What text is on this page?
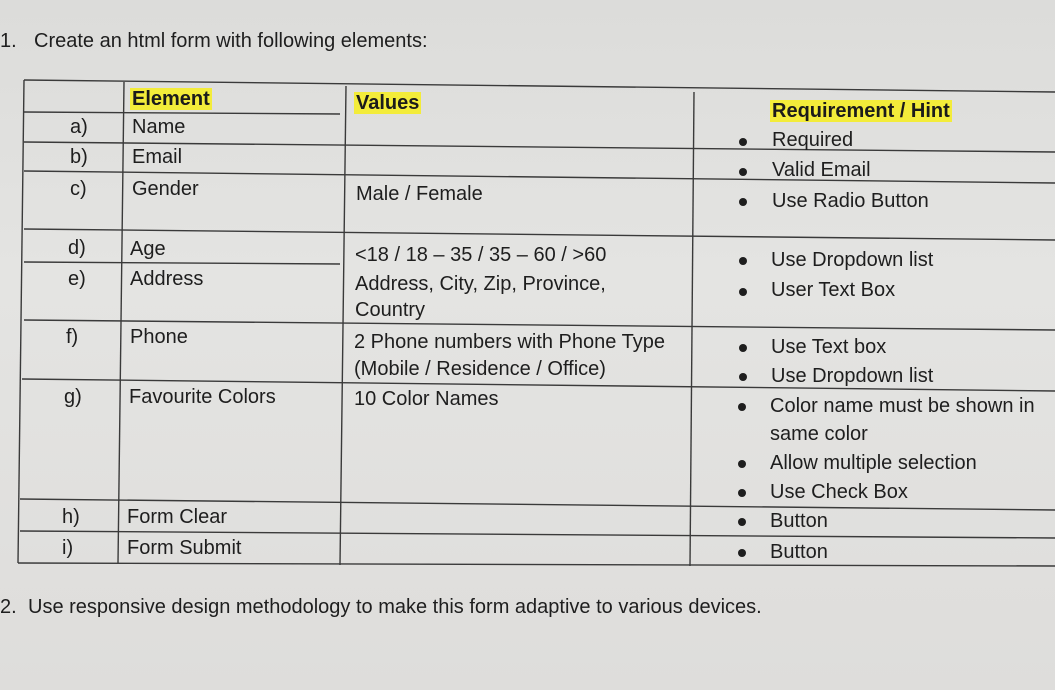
1. Create an html form with following elements:
Element	Values	Requirement / Hint
a)
b)
c)
d)
e)
f)
g)
h)
i)
Name
Email
Gender
Age
Address
Phone
Favourite Colors
Form Clear
Form Submit
Male / Female
<18 / 18 – 35 / 35 – 60 / >60
Address, City, Zip, Province,
Country
2 Phone numbers with Phone Type
(Mobile / Residence / Office)
10 Color Names
Required
Valid Email
Use Radio Button
Use Dropdown list
User Text Box
Use Text box
Use Dropdown list
Color name must be shown in
same color
Allow multiple selection
Use Check Box
Button
Button
2. Use responsive design methodology to make this form adaptive to various devices.
